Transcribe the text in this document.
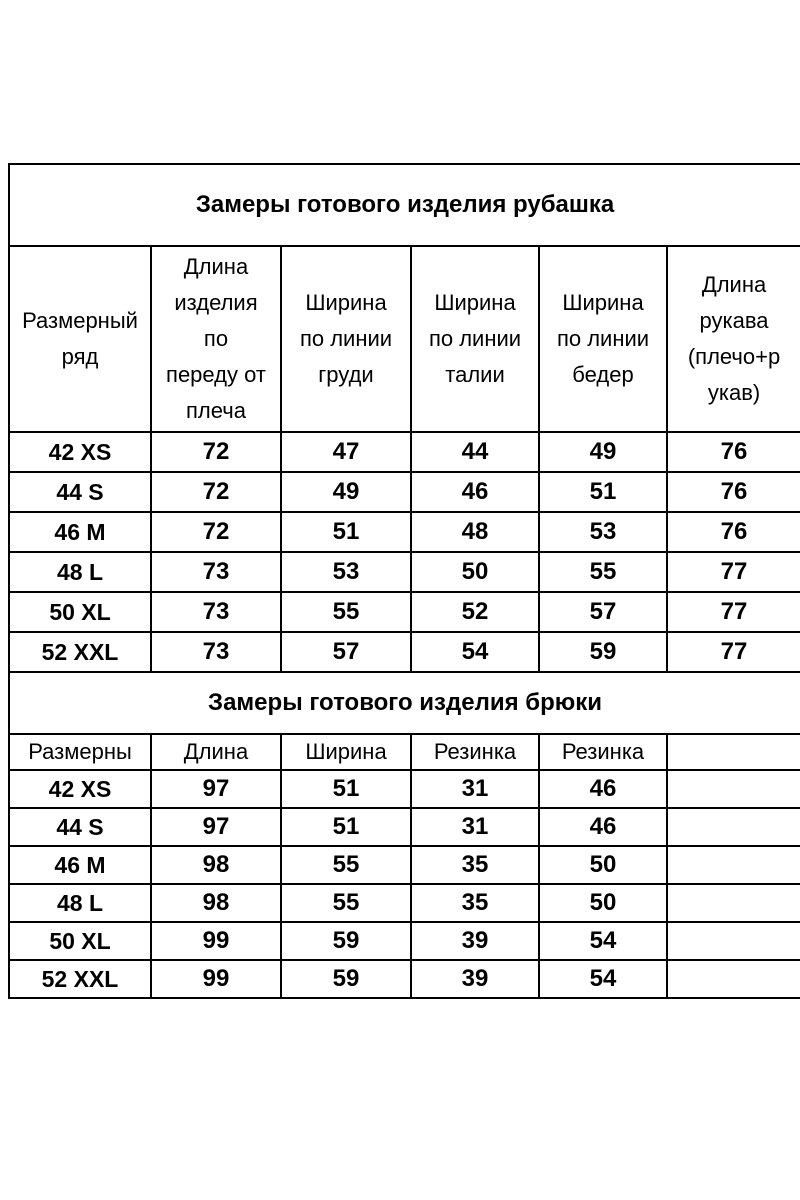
Замеры готового изделия рубашка					

Размерный
ряд	Длина
изделия
по
переду от
плеча	Ширина
по линии
груди	Ширина
по линии
талии	Ширина
по линии
бедер	Длина
рукава
(плечо+р
укав)

42 XS	72	47	44	49	76
44 S	72	49	46	51	76
46 M	72	51	48	53	76
48 L	73	53	50	55	77
50 XL	73	55	52	57	77
52 XXL	73	57	54	59	77
Замеры готового изделия брюки					
Размерны	Длина	Ширина	Резинка	Резинка	
42 XS	97	51	31	46	
44 S	97	51	31	46	
46 M	98	55	35	50	
48 L	98	55	35	50	
50 XL	99	59	39	54	
52 XXL	99	59	39	54	
